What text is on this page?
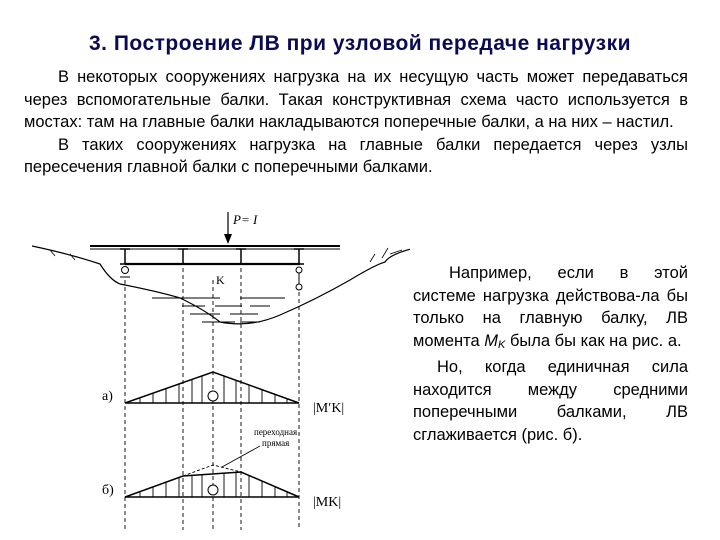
3. Построение ЛВ при узловой передаче нагрузки

В некоторых сооружениях нагрузка на их несущую часть может передаваться через вспомогательные балки. Такая конструктивная схема часто используется в мостах: там на главные балки накладываются поперечные балки, а на них – настил.

В таких сооружениях нагрузка на главные балки передается через узлы пересечения главной балки с поперечными балками.

P= I
K
а)
|M′K|
б)
переходная
прямая
|MK|

Например, если в этой системе нагрузка действова-ла бы только на главную балку, ЛВ момента MK была бы как на рис. а.

Но, когда единичная сила находится между средними поперечными балками, ЛВ сглаживается (рис. б).
